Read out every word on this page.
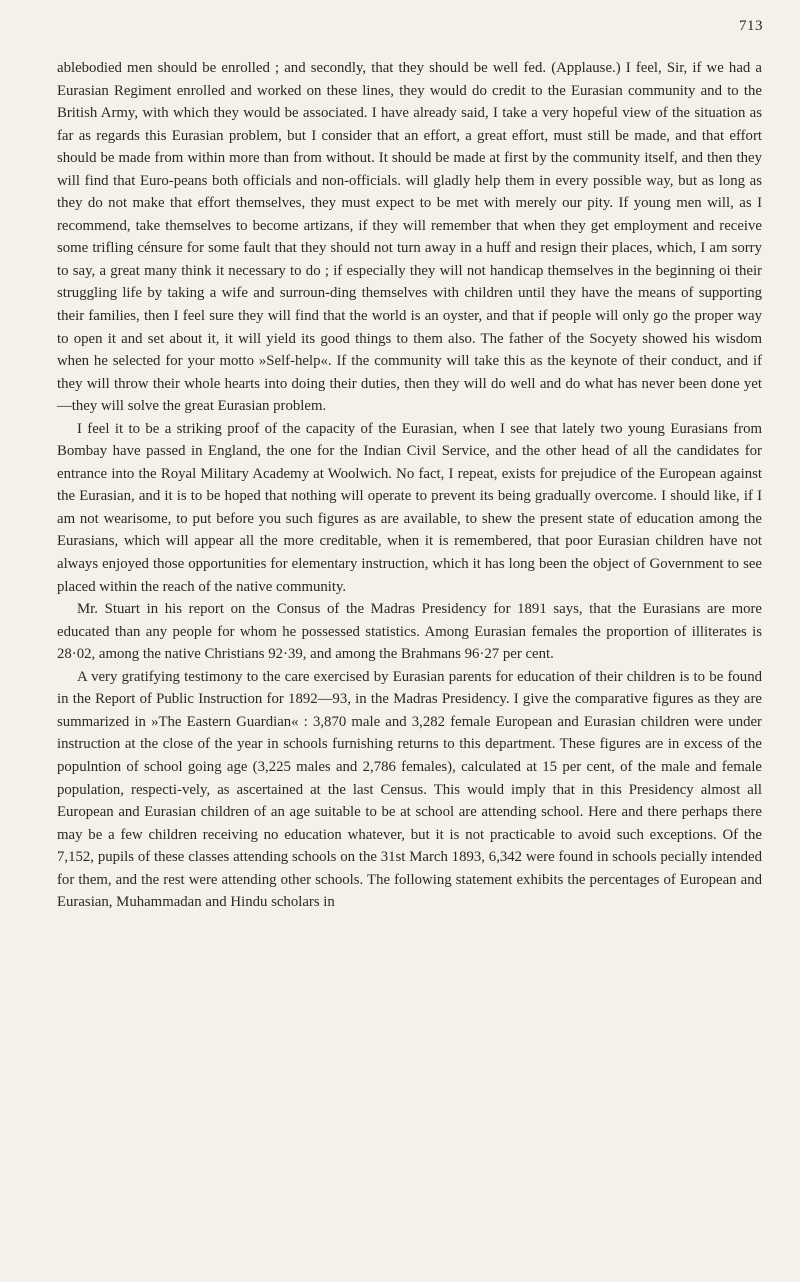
713

ablebodied men should be enrolled ; and secondly, that they should be well fed. (Applause.) I feel, Sir, if we had a Eurasian Regiment enrolled and worked on these lines, they would do credit to the Eurasian community and to the British Army, with which they would be associated. I have already said, I take a very hopeful view of the situation as far as regards this Eurasian problem, but I consider that an effort, a great effort, must still be made, and that effort should be made from within more than from without. It should be made at first by the community itself, and then they will find that Euro-peans both officials and non-officials. will gladly help them in every possible way, but as long as they do not make that effort themselves, they must expect to be met with merely our pity. If young men will, as I recommend, take themselves to become artizans, if they will remember that when they get employment and receive some trifling cénsure for some fault that they should not turn away in a huff and resign their places, which, I am sorry to say, a great many think it necessary to do ; if especially they will not handicap themselves in the beginning oi their struggling life by taking a wife and surroun-ding themselves with children until they have the means of supporting their families, then I feel sure they will find that the world is an oyster, and that if people will only go the proper way to open it and set about it, it will yield its good things to them also. The father of the Socyety showed his wisdom when he selected for your motto »Self-help«. If the community will take this as the keynote of their conduct, and if they will throw their whole hearts into doing their duties, then they will do well and do what has never been done yet—they will solve the great Eurasian problem.

I feel it to be a striking proof of the capacity of the Eurasian, when I see that lately two young Eurasians from Bombay have passed in England, the one for the Indian Civil Service, and the other head of all the candidates for entrance into the Royal Military Academy at Woolwich. No fact, I repeat, exists for prejudice of the European against the Eurasian, and it is to be hoped that nothing will operate to prevent its being gradually overcome. I should like, if I am not wearisome, to put before you such figures as are available, to shew the present state of education among the Eurasians, which will appear all the more creditable, when it is remembered, that poor Eurasian children have not always enjoyed those opportunities for elementary instruction, which it has long been the object of Government to see placed within the reach of the native community.

Mr. Stuart in his report on the Consus of the Madras Presidency for 1891 says, that the Eurasians are more educated than any people for whom he possessed statistics. Among Eurasian females the proportion of illiterates is 28·02, among the native Christians 92·39, and among the Brahmans 96·27 per cent.

A very gratifying testimony to the care exercised by Eurasian parents for education of their children is to be found in the Report of Public Instruction for 1892—93, in the Madras Presidency. I give the comparative figures as they are summarized in »The Eastern Guardian« : 3,870 male and 3,282 female European and Eurasian children were under instruction at the close of the year in schools furnishing returns to this department. These figures are in excess of the populntion of school going age (3,225 males and 2,786 females), calculated at 15 per cent, of the male and female population, respecti-vely, as ascertained at the last Census. This would imply that in this Presidency almost all European and Eurasian children of an age suitable to be at school are attending school. Here and there perhaps there may be a few children receiving no education whatever, but it is not practicable to avoid such exceptions. Of the 7,152, pupils of these classes attending schools on the 31st March 1893, 6,342 were found in schools pecially intended for them, and the rest were attending other schools. The following statement exhibits the percentages of European and Eurasian, Muhammadan and Hindu scholars in
